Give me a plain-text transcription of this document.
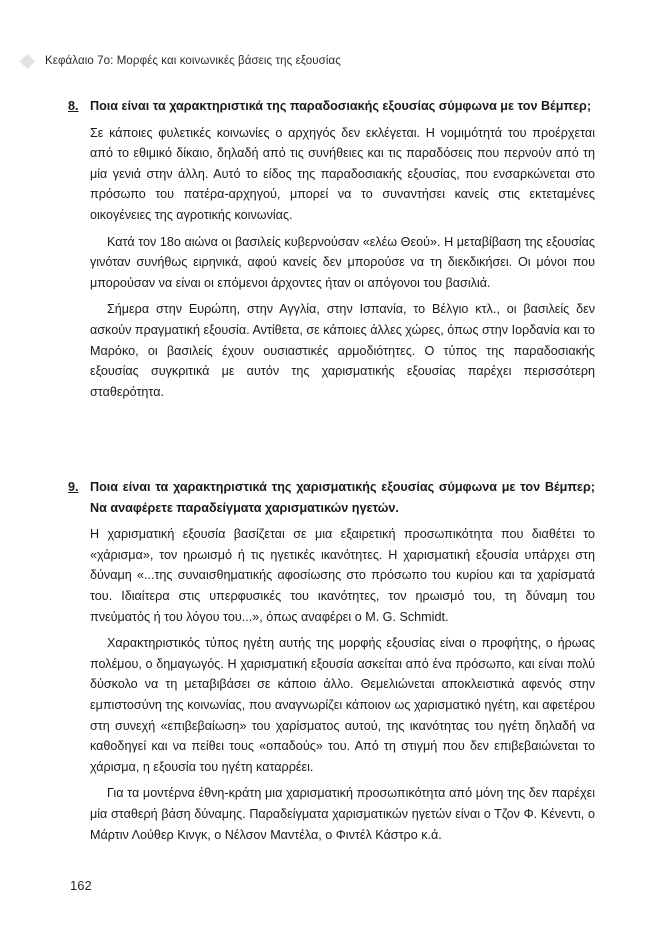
Κεφάλαιο 7ο: Μορφές και κοινωνικές βάσεις της εξουσίας
8. Ποια είναι τα χαρακτηριστικά της παραδοσιακής εξουσίας σύμφωνα με τον Βέμπερ;

Σε κάποιες φυλετικές κοινωνίες ο αρχηγός δεν εκλέγεται. Η νομιμότητά του προέρχεται από το εθιμικό δίκαιο, δηλαδή από τις συνήθειες και τις παραδόσεις που περνούν από τη μία γενιά στην άλλη. Αυτό το είδος της παραδοσιακής εξουσίας, που ενσαρκώνεται στο πρόσωπο του πατέρα-αρχηγού, μπορεί να το συναντήσει κανείς στις εκτεταμένες οικογένειες της αγροτικής κοινωνίας.

Κατά τον 18ο αιώνα οι βασιλείς κυβερνούσαν «ελέω Θεού». Η μεταβίβαση της εξουσίας γινόταν συνήθως ειρηνικά, αφού κανείς δεν μπορούσε να τη διεκδικήσει. Οι μόνοι που μπορούσαν να είναι οι επόμενοι άρχοντες ήταν οι απόγονοι του βασιλιά.

Σήμερα στην Ευρώπη, στην Αγγλία, στην Ισπανία, το Βέλγιο κτλ., οι βασιλείς δεν ασκούν πραγματική εξουσία. Αντίθετα, σε κάποιες άλλες χώρες, όπως στην Ιορδανία και το Μαρόκο, οι βασιλείς έχουν ουσιαστικές αρμοδιότητες. Ο τύπος της παραδοσιακής εξουσίας συγκριτικά με αυτόν της χαρισματικής εξουσίας παρέχει περισσότερη σταθερότητα.

9. Ποια είναι τα χαρακτηριστικά της χαρισματικής εξουσίας σύμφωνα με τον Βέμπερ; Να αναφέρετε παραδείγματα χαρισματικών ηγετών.

Η χαρισματική εξουσία βασίζεται σε μια εξαιρετική προσωπικότητα που διαθέτει το «χάρισμα», τον ηρωισμό ή τις ηγετικές ικανότητες. Η χαρισματική εξουσία υπάρχει στη δύναμη «...της συναισθηματικής αφοσίωσης στο πρόσωπο του κυρίου και τα χαρίσματά του. Ιδιαίτερα στις υπερφυσικές του ικανότητες, τον ηρωισμό του, τη δύναμη του πνεύματός ή του λόγου του...», όπως αναφέρει ο M. G. Schmidt.

Χαρακτηριστικός τύπος ηγέτη αυτής της μορφής εξουσίας είναι ο προφήτης, ο ήρωας πολέμου, ο δημαγωγός. Η χαρισματική εξουσία ασκείται από ένα πρόσωπο, και είναι πολύ δύσκολο να τη μεταβιβάσει σε κάποιο άλλο. Θεμελιώνεται αποκλειστικά αφενός στην εμπιστοσύνη της κοινωνίας, που αναγνωρίζει κάποιον ως χαρισματικό ηγέτη, και αφετέρου στη συνεχή «επιβεβαίωση» του χαρίσματος αυτού, της ικανότητας του ηγέτη δηλαδή να καθοδηγεί και να πείθει τους «οπαδούς» του. Από τη στιγμή που δεν επιβεβαιώνεται το χάρισμα, η εξουσία του ηγέτη καταρρέει.

Για τα μοντέρνα έθνη-κράτη μια χαρισματική προσωπικότητα από μόνη της δεν παρέχει μία σταθερή βάση δύναμης. Παραδείγματα χαρισματικών ηγετών είναι ο Τζον Φ. Κένεντι, ο Μάρτιν Λούθερ Κινγκ, ο Νέλσον Μαντέλα, ο Φιντέλ Κάστρο κ.ά.

162
